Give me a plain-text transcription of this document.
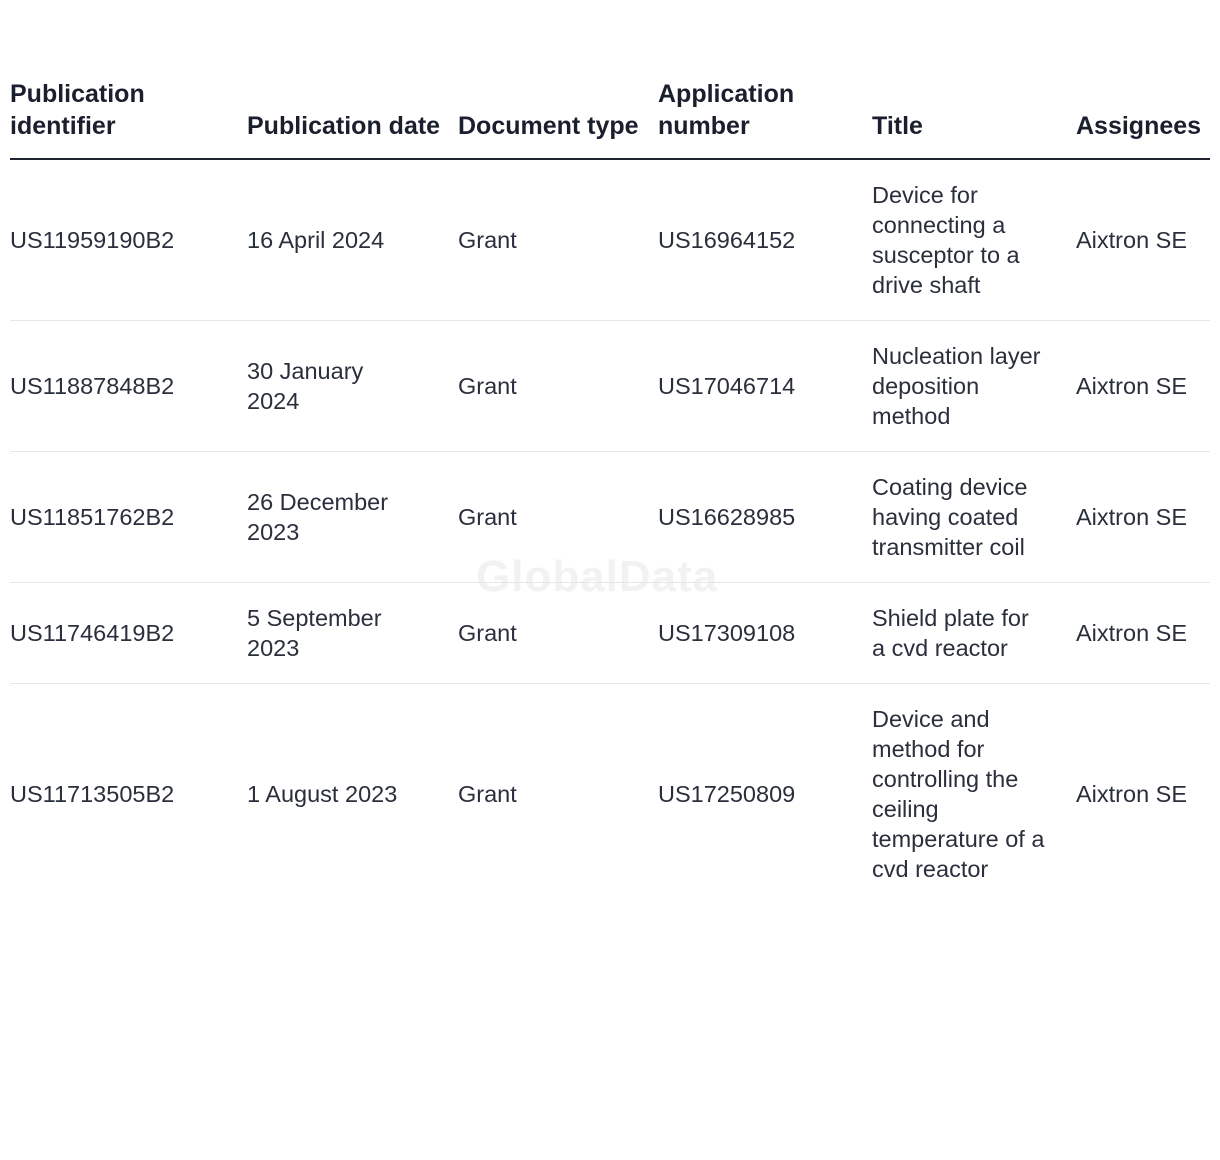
GlobalData
Publication identifier	Publication date	Document type	Application number	Title	Assignees
US11959190B2	16 April 2024	Grant	US16964152	Device for connecting a susceptor to a drive shaft	Aixtron SE
US11887848B2	30 January 2024	Grant	US17046714	Nucleation layer deposition method	Aixtron SE
US11851762B2	26 December 2023	Grant	US16628985	Coating device having coated transmitter coil	Aixtron SE
US11746419B2	5 September 2023	Grant	US17309108	Shield plate for a cvd reactor	Aixtron SE
US11713505B2	1 August 2023	Grant	US17250809	Device and method for controlling the ceiling temperature of a cvd reactor	Aixtron SE
